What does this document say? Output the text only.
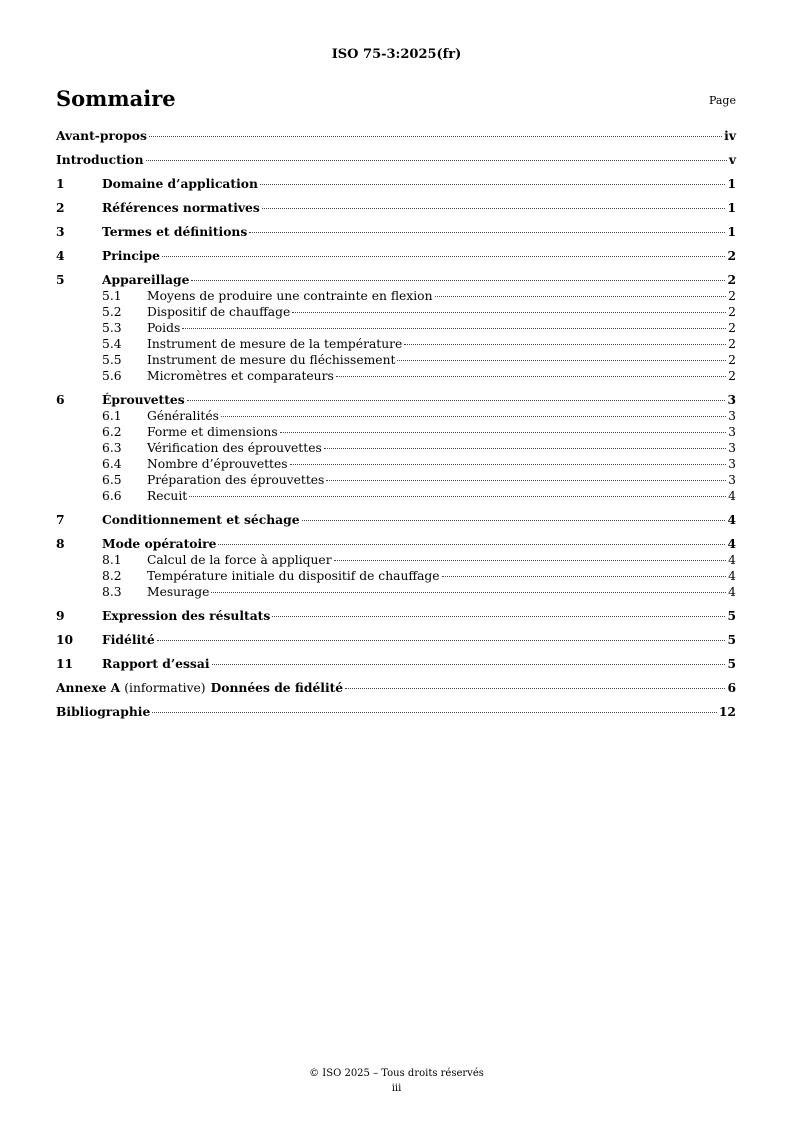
ISO 75-3:2025(fr)
Sommaire	Page
Avant-propos	iv
Introduction	v
1	Domaine d’application	1
2	Références normatives	1
3	Termes et définitions	1
4	Principe	2
5	Appareillage	2
5.1	Moyens de produire une contrainte en flexion	2
5.2	Dispositif de chauffage	2
5.3	Poids	2
5.4	Instrument de mesure de la température	2
5.5	Instrument de mesure du fléchissement	2
5.6	Micromètres et comparateurs	2
6	Éprouvettes	3
6.1	Généralités	3
6.2	Forme et dimensions	3
6.3	Vérification des éprouvettes	3
6.4	Nombre d’éprouvettes	3
6.5	Préparation des éprouvettes	3
6.6	Recuit	4
7	Conditionnement et séchage	4
8	Mode opératoire	4
8.1	Calcul de la force à appliquer	4
8.2	Température initiale du dispositif de chauffage	4
8.3	Mesurage	4
9	Expression des résultats	5
10	Fidélité	5
11	Rapport d’essai	5
Annexe A (informative) Données de fidélité	6
Bibliographie	12
© ISO 2025 – Tous droits réservés
iii
